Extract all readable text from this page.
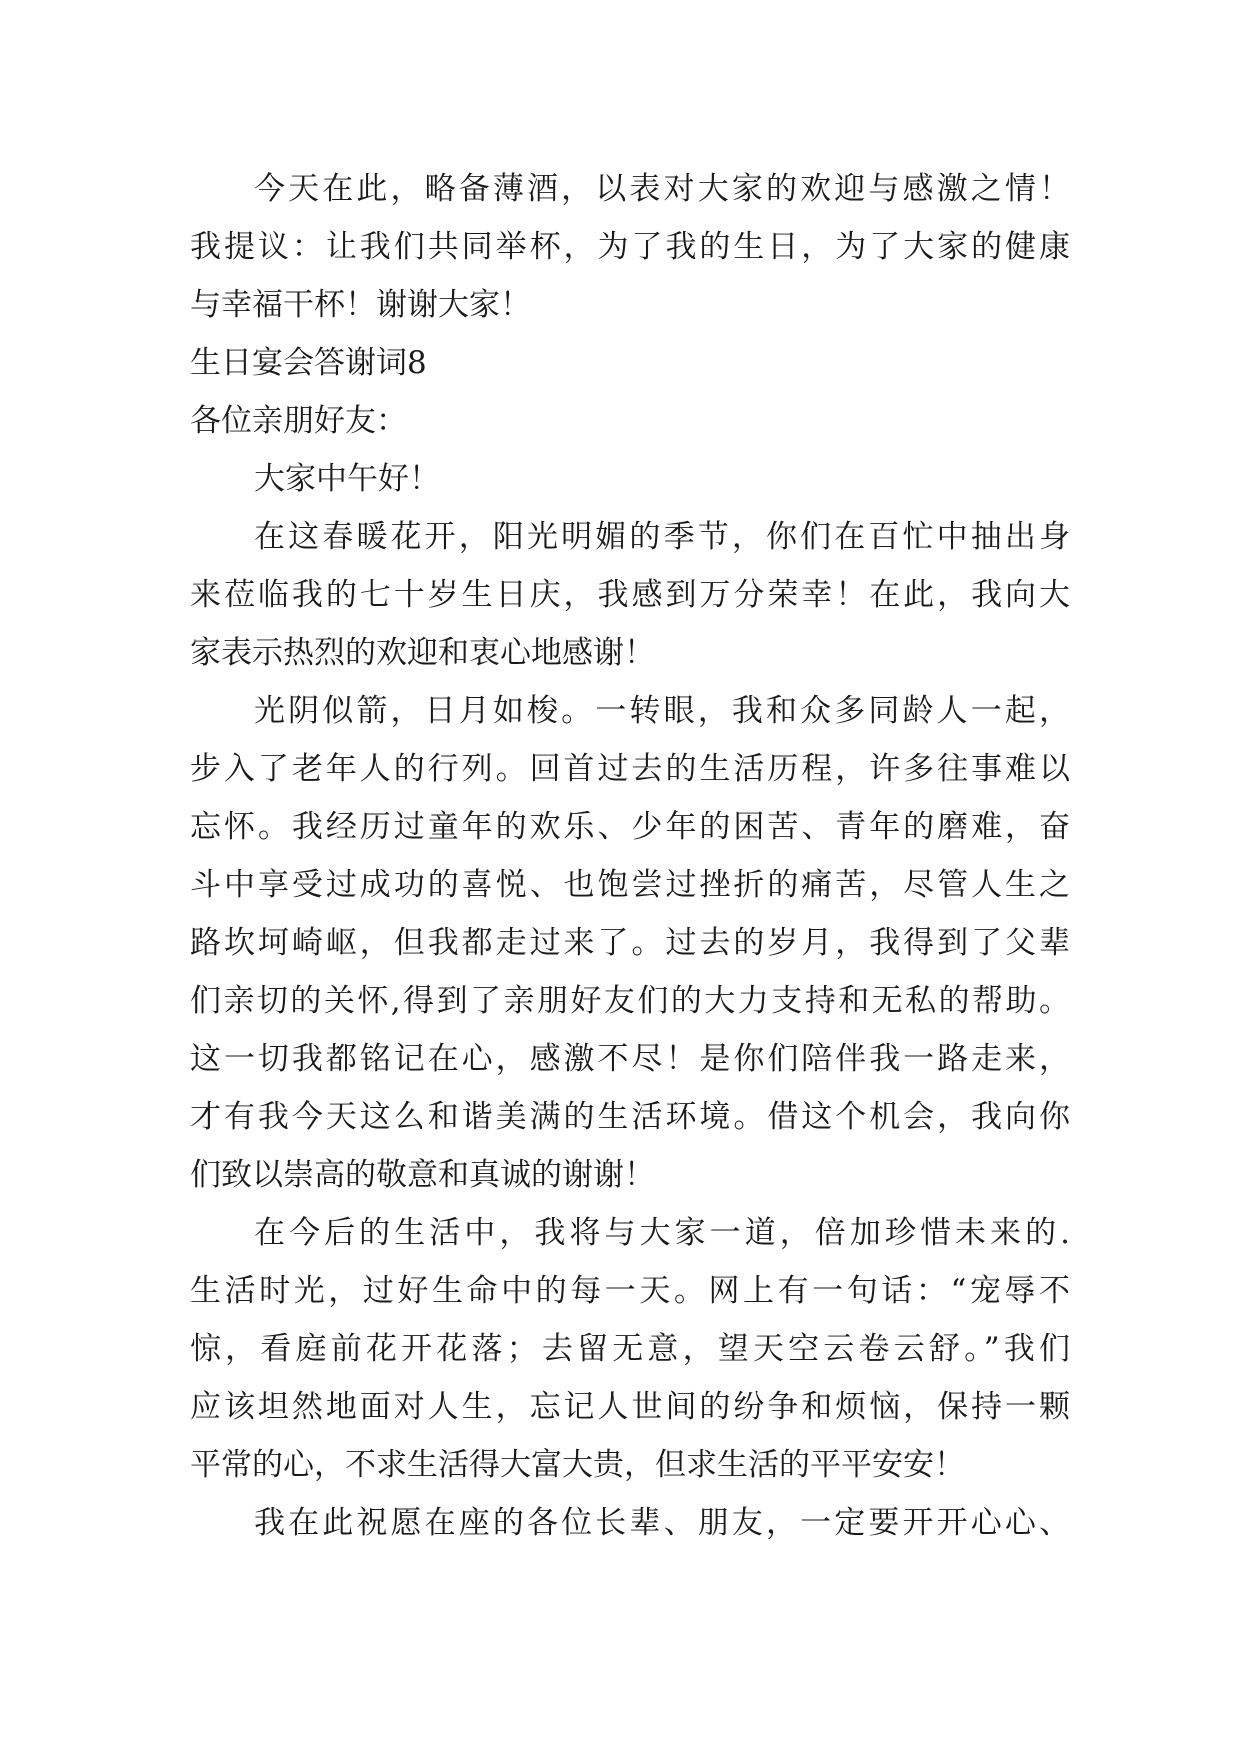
今天在此，略备薄酒，以表对大家的欢迎与感激之情！
我提议：让我们共同举杯，为了我的生日，为了大家的健康
与幸福干杯！谢谢大家！
生日宴会答谢词8
各位亲朋好友：
大家中午好！
在这春暖花开，阳光明媚的季节，你们在百忙中抽出身
来莅临我的七十岁生日庆，我感到万分荣幸！在此，我向大
家表示热烈的欢迎和衷心地感谢！
光阴似箭，日月如梭。一转眼，我和众多同龄人一起，
步入了老年人的行列。回首过去的生活历程，许多往事难以
忘怀。我经历过童年的欢乐、少年的困苦、青年的磨难，奋
斗中享受过成功的喜悦、也饱尝过挫折的痛苦，尽管人生之
路坎坷崎岖，但我都走过来了。过去的岁月，我得到了父辈
们亲切的关怀,得到了亲朋好友们的大力支持和无私的帮助。
这一切我都铭记在心，感激不尽！是你们陪伴我一路走来，
才有我今天这么和谐美满的生活环境。借这个机会，我向你
们致以崇高的敬意和真诚的谢谢！
在今后的生活中，我将与大家一道，倍加珍惜未来的.
生活时光，过好生命中的每一天。网上有一句话：“宠辱不
惊，看庭前花开花落；去留无意，望天空云卷云舒。”我们
应该坦然地面对人生，忘记人世间的纷争和烦恼，保持一颗
平常的心，不求生活得大富大贵，但求生活的平平安安！
我在此祝愿在座的各位长辈、朋友，一定要开开心心、
